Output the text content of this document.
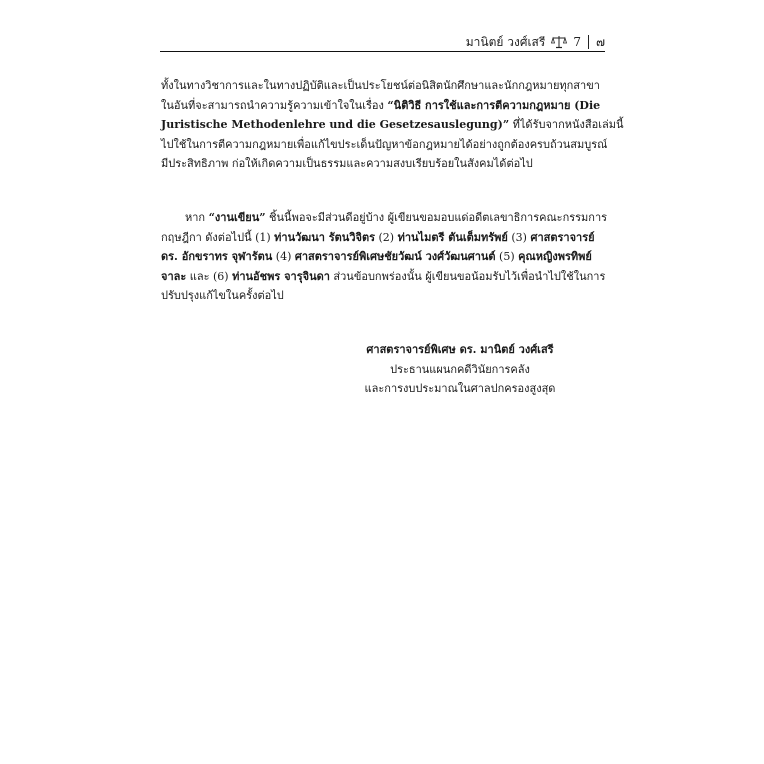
มานิตย์ วงศ์เสรี 7 ๗
ทั้งในทางวิชาการและในทางปฏิบัติและเป็นประโยชน์ต่อนิสิตนักศึกษาและนักกฎหมายทุกสาขา
ในอันที่จะสามารถนำความรู้ความเข้าใจในเรื่อง “นิติวิธี การใช้และการตีความกฎหมาย (Die
Juristische Methodenlehre und die Gesetzesauslegung)” ที่ได้รับจากหนังสือเล่มนี้
ไปใช้ในการตีความกฎหมายเพื่อแก้ไขประเด็นปัญหาข้อกฎหมายได้อย่างถูกต้องครบถ้วนสมบูรณ์
มีประสิทธิภาพ ก่อให้เกิดความเป็นธรรมและความสงบเรียบร้อยในสังคมได้ต่อไป
หาก “งานเขียน” ชิ้นนี้พอจะมีส่วนดีอยู่บ้าง ผู้เขียนขอมอบแด่อดีตเลขาธิการคณะกรรมการ
กฤษฎีกา ดังต่อไปนี้ (1) ท่านวัฒนา รัตนวิจิตร (2) ท่านไมตรี ตันเต็มทรัพย์ (3) ศาสตราจารย์
ดร. อักขราทร จุฬารัตน (4) ศาสตราจารย์พิเศษชัยวัฒน์ วงศ์วัฒนศานต์ (5) คุณหญิงพรทิพย์
จาละ และ (6) ท่านอัชพร จารุจินดา ส่วนข้อบกพร่องนั้น ผู้เขียนขอน้อมรับไว้เพื่อนำไปใช้ในการ
ปรับปรุงแก้ไขในครั้งต่อไป
ศาสตราจารย์พิเศษ ดร. มานิตย์ วงศ์เสรี
ประธานแผนกคดีวินัยการคลัง
และการงบประมาณในศาลปกครองสูงสุด
